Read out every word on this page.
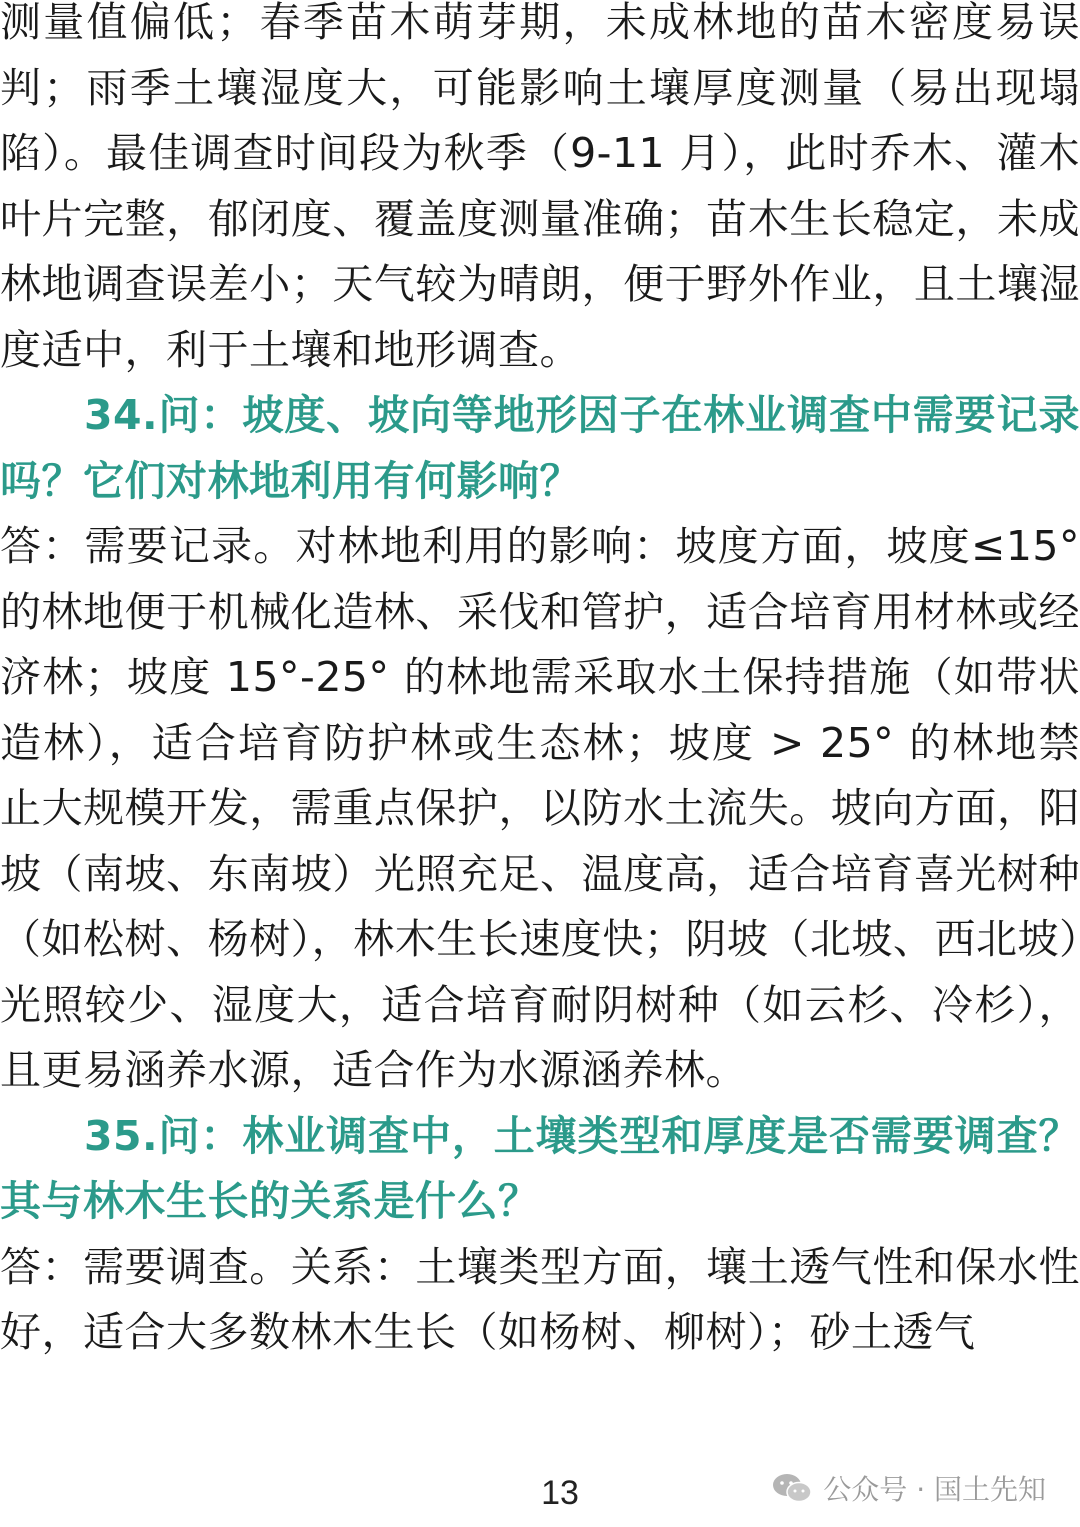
测量值偏低；春季苗木萌芽期，未成林地的苗木密度易误判；雨季土壤湿度大，可能影响土壤厚度测量（易出现塌陷）。最佳调查时间段为秋季（9-11 月），此时乔木、灌木叶片完整，郁闭度、覆盖度测量准确；苗木生长稳定，未成林地调查误差小；天气较为晴朗，便于野外作业，且土壤湿度适中，利于土壤和地形调查。

34.问：坡度、坡向等地形因子在林业调查中需要记录吗？它们对林地利用有何影响？

答：需要记录。对林地利用的影响：坡度方面，坡度≤15° 的林地便于机械化造林、采伐和管护，适合培育用材林或经济林；坡度 15°-25° 的林地需采取水土保持措施（如带状造林），适合培育防护林或生态林；坡度 > 25° 的林地禁止大规模开发，需重点保护，以防水土流失。坡向方面，阳坡（南坡、东南坡）光照充足、温度高，适合培育喜光树种（如松树、杨树），林木生长速度快；阴坡（北坡、西北坡）光照较少、湿度大，适合培育耐阴树种（如云杉、冷杉），且更易涵养水源，适合作为水源涵养林。

35.问：林业调查中，土壤类型和厚度是否需要调查？其与林木生长的关系是什么？

答：需要调查。关系：土壤类型方面，壤土透气性和保水性好，适合大多数林木生长（如杨树、柳树）；砂土透气

13	公众号 · 国土先知
